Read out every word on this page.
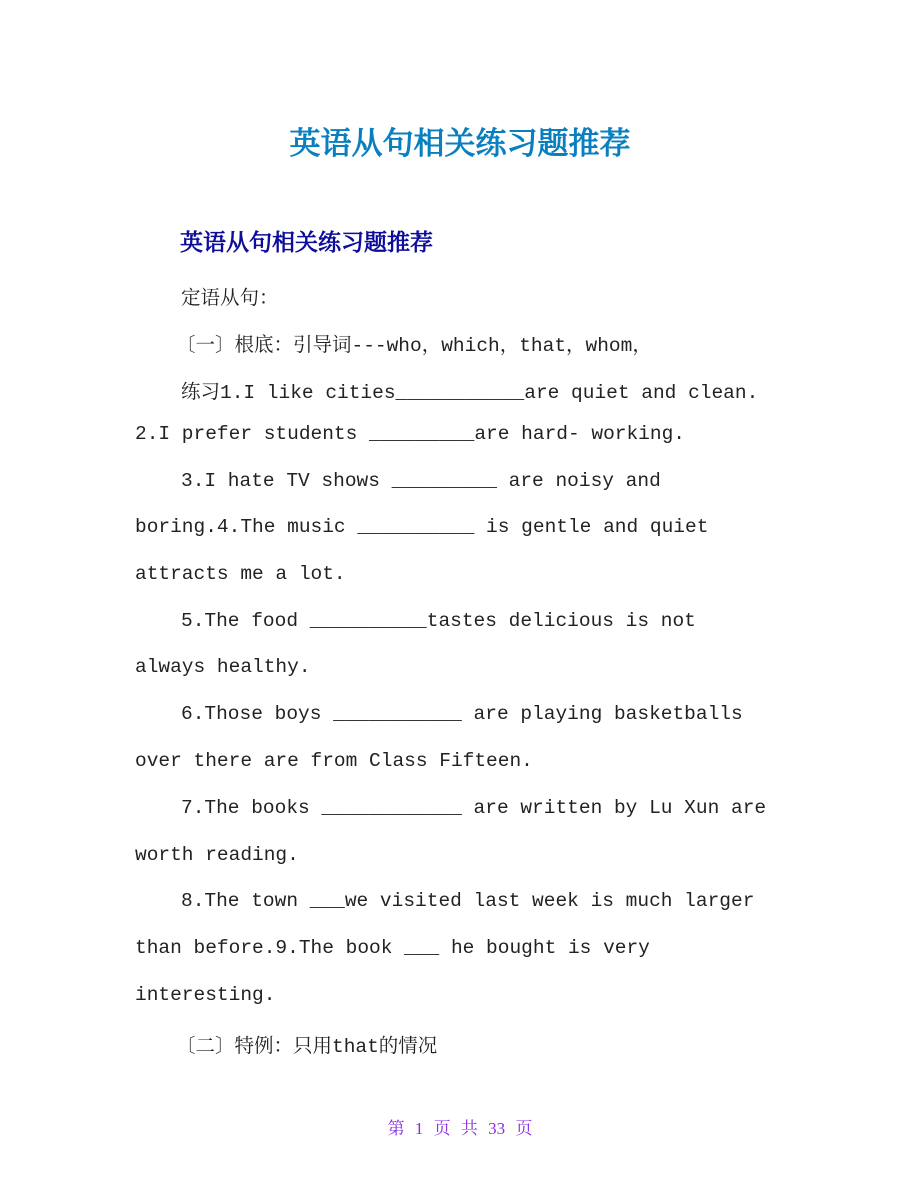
英语从句相关练习题推荐
英语从句相关练习题推荐
定语从句：
〔一〕根底：引导词---who，which，that，whom，
练习1.I like cities___________are quiet and clean.
2.I prefer students _________are hard- working.
3.I hate TV shows _________ are noisy and
boring.4.The music __________ is gentle and quiet
attracts me a lot.
5.The food __________tastes delicious is not
always healthy.
6.Those boys ___________ are playing basketballs
over there are from Class Fifteen.
7.The books ____________ are written by Lu Xun are
worth reading.
8.The town ___we visited last week is much larger
than before.9.The book ___ he bought is very
interesting.
〔二〕特例：只用that的情况
第 1 页 共 33 页
